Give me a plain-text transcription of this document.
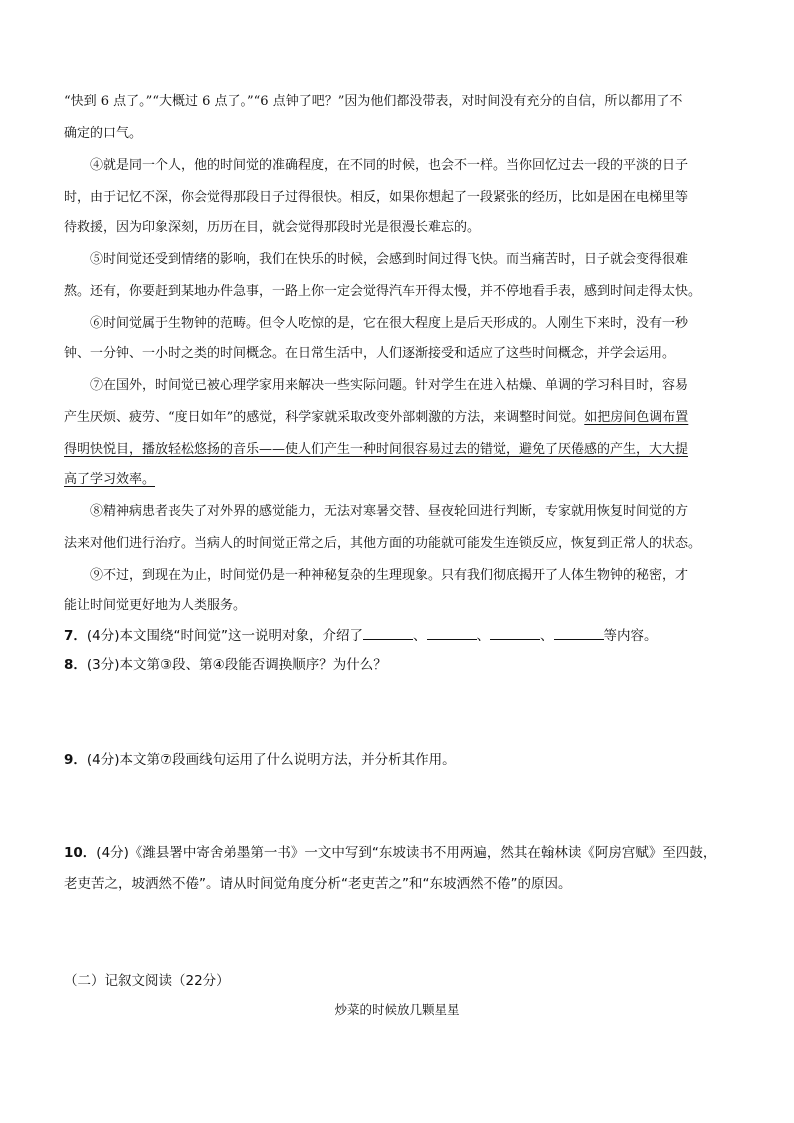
“快到 6 点了。”“大概过 6 点了。”“6 点钟了吧？”因为他们都没带表，对时间没有充分的自信，所以都用了不
确定的口气。
④就是同一个人，他的时间觉的准确程度，在不同的时候，也会不一样。当你回忆过去一段的平淡的日子
时，由于记忆不深，你会觉得那段日子过得很快。相反，如果你想起了一段紧张的经历，比如是困在电梯里等
待救援，因为印象深刻，历历在目，就会觉得那段时光是很漫长难忘的。
⑤时间觉还受到情绪的影响，我们在快乐的时候，会感到时间过得飞快。而当痛苦时，日子就会变得很难
熬。还有，你要赶到某地办件急事，一路上你一定会觉得汽车开得太慢，并不停地看手表，感到时间走得太快。
⑥时间觉属于生物钟的范畴。但令人吃惊的是，它在很大程度上是后天形成的。人刚生下来时，没有一秒
钟、一分钟、一小时之类的时间概念。在日常生活中，人们逐渐接受和适应了这些时间概念，并学会运用。
⑦在国外，时间觉已被心理学家用来解决一些实际问题。针对学生在进入枯燥、单调的学习科目时，容易
产生厌烦、疲劳、“度日如年”的感觉，科学家就采取改变外部刺激的方法，来调整时间觉。如把房间色调布置
得明快悦目，播放轻松悠扬的音乐——使人们产生一种时间很容易过去的错觉，避免了厌倦感的产生，大大提
高了学习效率。
⑧精神病患者丧失了对外界的感觉能力，无法对寒暑交替、昼夜轮回进行判断，专家就用恢复时间觉的方
法来对他们进行治疗。当病人的时间觉正常之后，其他方面的功能就可能发生连锁反应，恢复到正常人的状态。
⑨不过，到现在为止，时间觉仍是一种神秘复杂的生理现象。只有我们彻底揭开了人体生物钟的秘密，才
能让时间觉更好地为人类服务。
7．(4分)本文围绕“时间觉”这一说明对象，介绍了	、	、	、	等内容。
8．(3分)本文第③段、第④段能否调换顺序？为什么？
9．(4分)本文第⑦段画线句运用了什么说明方法，并分析其作用。
10．(4分)《潍县署中寄舍弟墨第一书》一文中写到“东坡读书不用两遍，然其在翰林读《阿房宫赋》至四鼓，
老吏苦之，坡洒然不倦”。请从时间觉角度分析“老吏苦之”和“东坡洒然不倦”的原因。
（二）记叙文阅读（22分）
炒菜的时候放几颗星星
